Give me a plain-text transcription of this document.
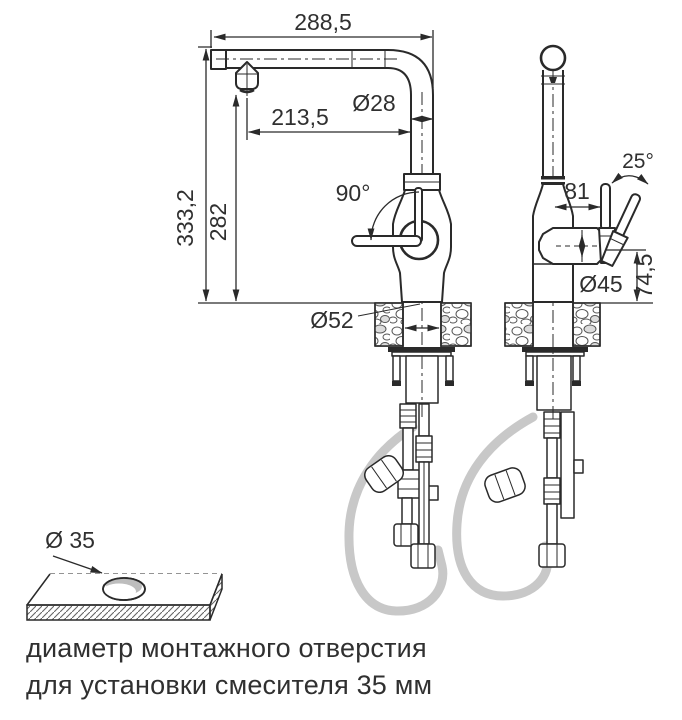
288,5
Ø28
213,5
333,2 282
90°
Ø52
25°
81
Ø45 74,5
Ø 35
диаметр монтажного отверстия
для установки смесителя 35 мм
